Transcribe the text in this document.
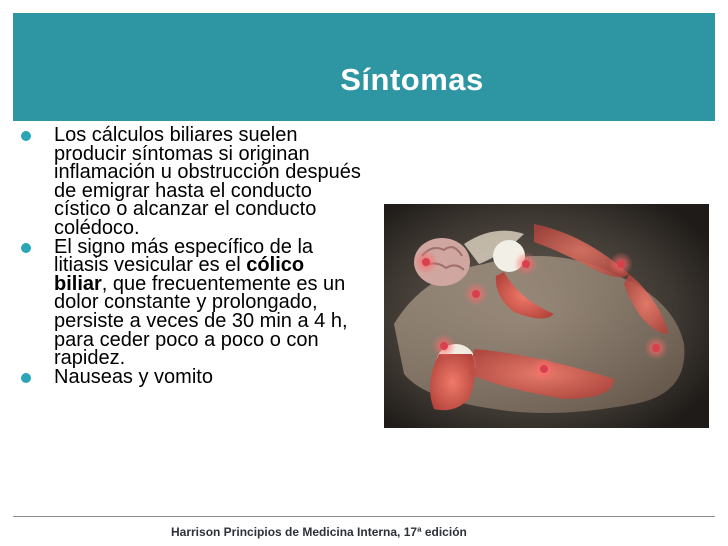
Síntomas
Los cálculos biliares suelen producir síntomas si originan inflamación u obstrucción después de emigrar hasta el conducto cístico o alcanzar el conducto colédoco.
El signo más específico de la litiasis vesicular es el cólico biliar, que frecuentemente es un dolor constante y prolongado, persiste a veces de 30 min a 4 h, para ceder poco a poco o con rapidez.
Nauseas y vomito
Harrison Principios de Medicina Interna, 17ª edición
